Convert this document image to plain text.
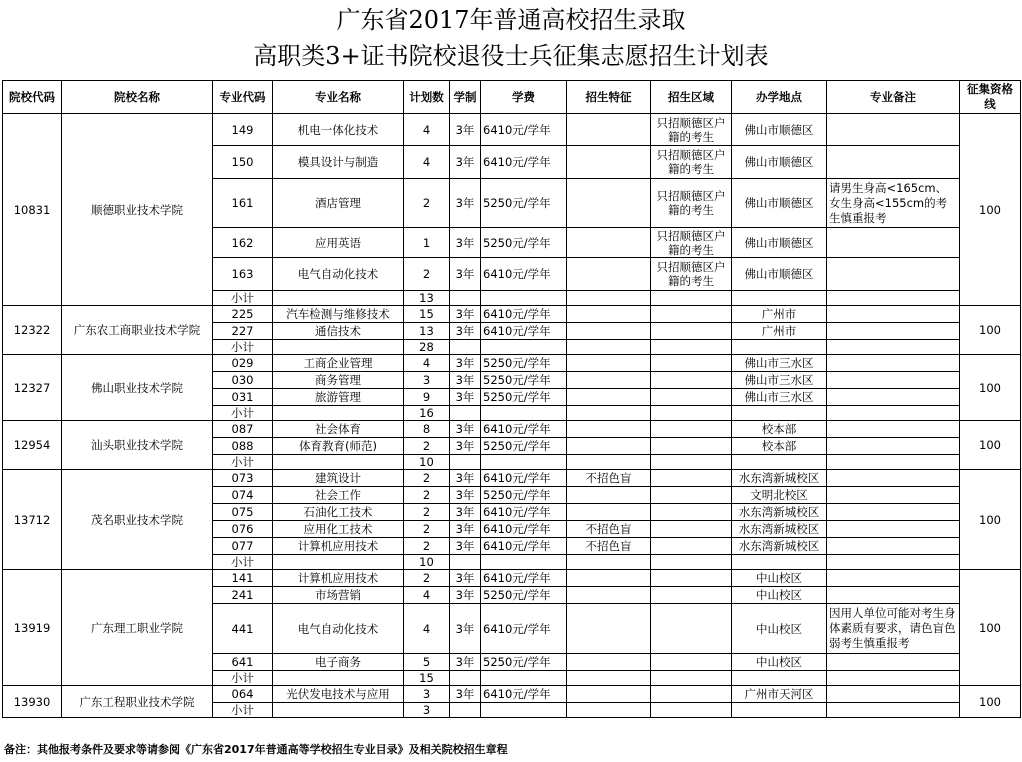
广东省2017年普通高校招生录取
高职类3+证书院校退役士兵征集志愿招生计划表
院校代码	院校名称	专业代码	专业名称	计划数	学制	学费	招生特征	招生区域	办学地点	专业备注	征集资格线
10831	顺德职业技术学院	149	机电一体化技术	4	3年	6410元/学年		只招顺德区户籍的考生	佛山市顺德区		100
		150	模具设计与制造	4	3年	6410元/学年		只招顺德区户籍的考生	佛山市顺德区		
		161	酒店管理	2	3年	5250元/学年		只招顺德区户籍的考生	佛山市顺德区	请男生身高<165cm、女生身高<155cm的考生慎重报考	
		162	应用英语	1	3年	5250元/学年		只招顺德区户籍的考生	佛山市顺德区		
		163	电气自动化技术	2	3年	6410元/学年		只招顺德区户籍的考生	佛山市顺德区		
		小计		13							
12322	广东农工商职业技术学院	225	汽车检测与维修技术	15	3年	6410元/学年			广州市		100
		227	通信技术	13	3年	6410元/学年			广州市		
		小计		28							
12327	佛山职业技术学院	029	工商企业管理	4	3年	5250元/学年			佛山市三水区		100
		030	商务管理	3	3年	5250元/学年			佛山市三水区		
		031	旅游管理	9	3年	5250元/学年			佛山市三水区		
		小计		16							
12954	汕头职业技术学院	087	社会体育	8	3年	6410元/学年			校本部		100
		088	体育教育(师范)	2	3年	5250元/学年			校本部		
		小计		10							
13712	茂名职业技术学院	073	建筑设计	2	3年	6410元/学年	不招色盲		水东湾新城校区		100
		074	社会工作	2	3年	5250元/学年			文明北校区		
		075	石油化工技术	2	3年	6410元/学年			水东湾新城校区		
		076	应用化工技术	2	3年	6410元/学年	不招色盲		水东湾新城校区		
		077	计算机应用技术	2	3年	6410元/学年	不招色盲		水东湾新城校区		
		小计		10							
13919	广东理工职业学院	141	计算机应用技术	2	3年	6410元/学年			中山校区		100
		241	市场营销	4	3年	5250元/学年			中山校区		
		441	电气自动化技术	4	3年	6410元/学年			中山校区	因用人单位可能对考生身体素质有要求，请色盲色弱考生慎重报考	
		641	电子商务	5	3年	5250元/学年			中山校区		
		小计		15							
13930	广东工程职业技术学院	064	光伏发电技术与应用	3	3年	6410元/学年			广州市天河区		100
		小计		3							
备注：其他报考条件及要求等请参阅《广东省2017年普通高等学校招生专业目录》及相关院校招生章程
